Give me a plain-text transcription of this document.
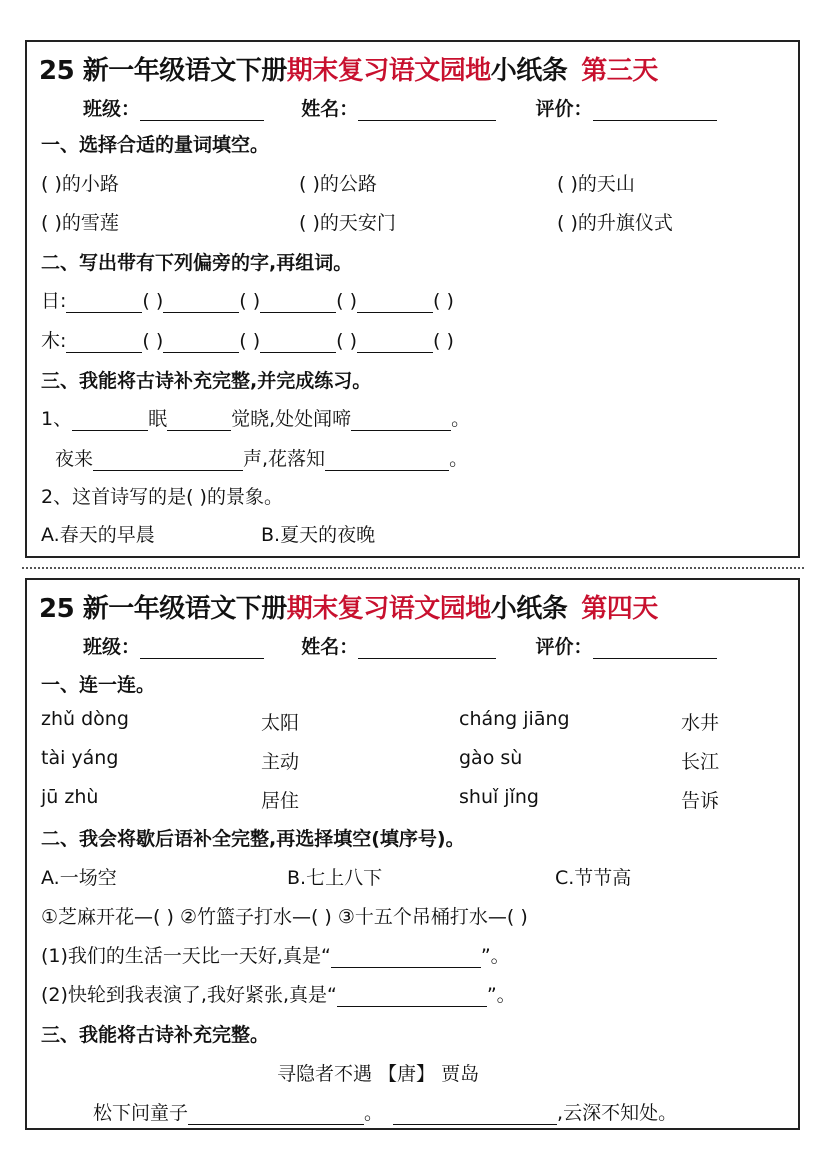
25 新一年级语文下册期末复习语文园地小纸条 第三天
班级：	姓名：	评价：
一、选择合适的量词填空。
( )的小路	( )的公路	( )的天山
( )的雪莲	( )的天安门	( )的升旗仪式
二、写出带有下列偏旁的字,再组词。
日:	( )	( )	( )	( )
木:	( )	( )	( )	( )
三、我能将古诗补充完整,并完成练习。
1、	眠	觉晓,处处闻啼	。
夜来	声,花落知	。
2、这首诗写的是( )的景象。
A.春天的早晨	B.夏天的夜晚
25 新一年级语文下册期末复习语文园地小纸条 第四天
班级：	姓名：	评价：
一、连一连。
zhǔ dòng	太阳	cháng jiāng	水井
tài yáng	主动	gào sù	长江
jū zhù	居住	shuǐ jǐng	告诉
二、我会将歇后语补全完整,再选择填空(填序号)。
A.一场空	B.七上八下	C.节节高
①芝麻开花—( ) ②竹篮子打水—( ) ③十五个吊桶打水—( )
(1)我们的生活一天比一天好,真是“	”。
(2)快轮到我表演了,我好紧张,真是“	”。
三、我能将古诗补充完整。
寻隐者不遇 【唐】 贾岛
松下问童子	。	,云深不知处。
